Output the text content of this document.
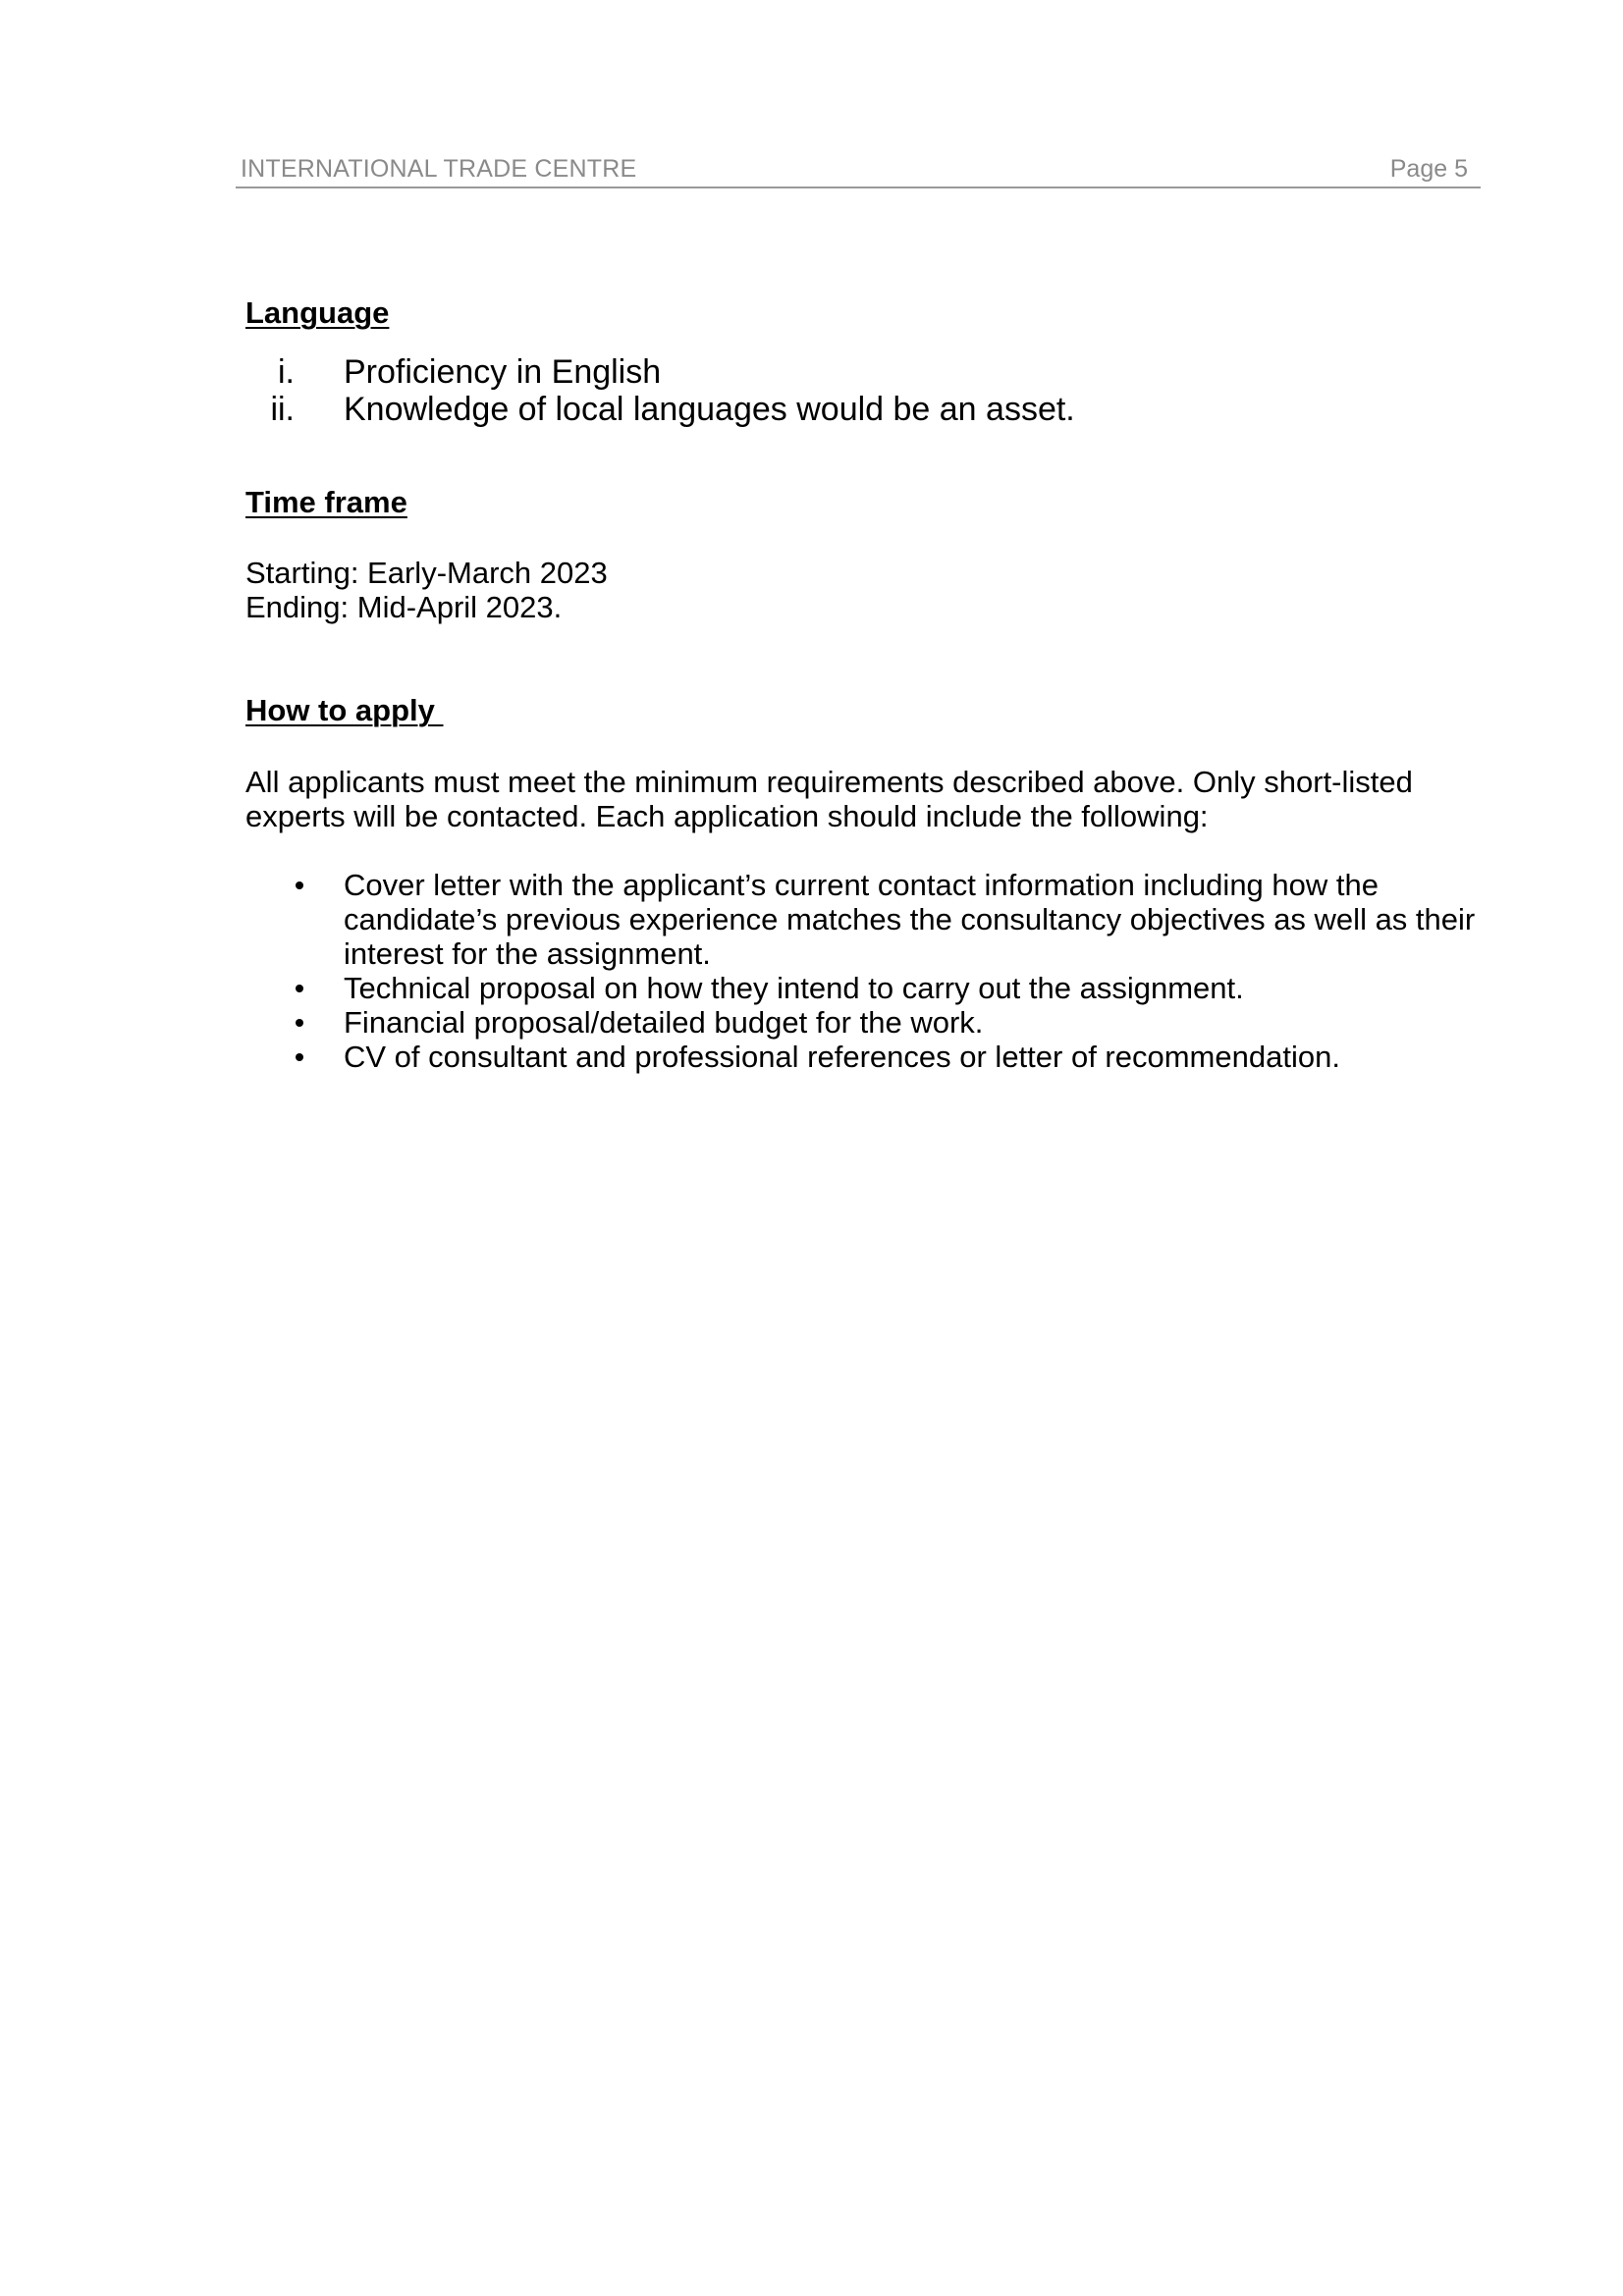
INTERNATIONAL TRADE CENTRE	Page 5
Language
i. Proficiency in English
ii. Knowledge of local languages would be an asset.
Time frame
Starting: Early-March 2023
Ending: Mid-April 2023.
How to apply
All applicants must meet the minimum requirements described above. Only short-listed experts will be contacted. Each application should include the following:
Cover letter with the applicant’s current contact information including how the candidate’s previous experience matches the consultancy objectives as well as their interest for the assignment.
Technical proposal on how they intend to carry out the assignment.
Financial proposal/detailed budget for the work.
CV of consultant and professional references or letter of recommendation.
